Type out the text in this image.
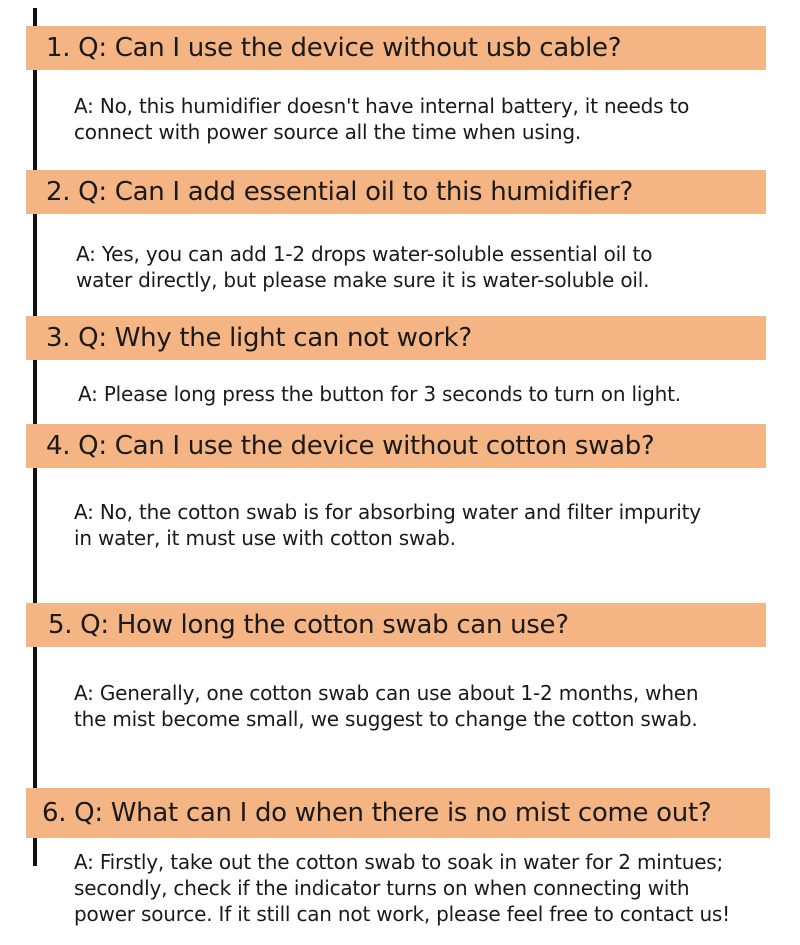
1. Q: Can I use the device without usb cable?
A: No, this humidifier doesn't have internal battery, it needs to
connect with power source all the time when using.
2. Q: Can I add essential oil to this humidifier?
A: Yes, you can add 1-2 drops water-soluble essential oil to
water directly, but please make sure it is water-soluble oil.
3. Q: Why the light can not work?
A: Please long press the button for 3 seconds to turn on light.
4. Q: Can I use the device without cotton swab?
A: No, the cotton swab is for absorbing water and filter impurity
in water, it must use with cotton swab.
5. Q: How long the cotton swab can use?
A: Generally, one cotton swab can use about 1-2 months, when
the mist become small, we suggest to change the cotton swab.
6. Q: What can I do when there is no mist come out?
A: Firstly, take out the cotton swab to soak in water for 2 mintues;
secondly, check if the indicator turns on when connecting with
power source. If it still can not work, please feel free to contact us!
